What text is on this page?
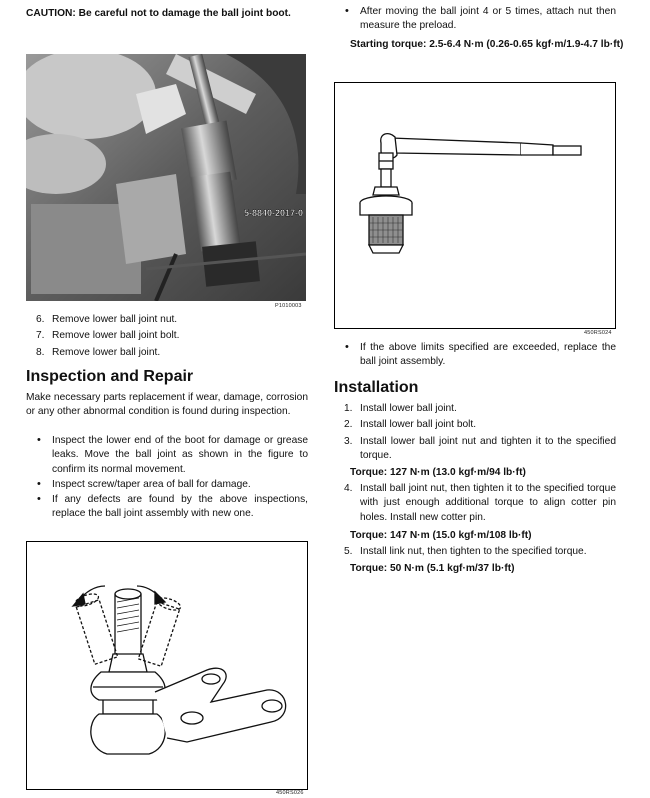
CAUTION: Be careful not to damage the ball joint boot.
5-8840-2017-0
P1010003
6. Remove lower ball joint nut.
7. Remove lower ball joint bolt.
8. Remove lower ball joint.
Inspection and Repair

Make necessary parts replacement if wear, damage, corrosion or any other abnormal condition is found during inspection.

• Inspect the lower end of the boot for damage or grease leaks. Move the ball joint as shown in the figure to confirm its normal movement.
• Inspect screw/taper area of ball for damage.
• If any defects are found by the above inspections, replace the ball joint assembly with new one.
450RS026
• After moving the ball joint 4 or 5 times, attach nut then measure the preload.
Starting torque: 2.5-6.4 N·m (0.26-0.65 kgf·m/1.9-4.7 lb·ft)
450RS024
• If the above limits specified are exceeded, replace the ball joint assembly.
Installation
1. Install lower ball joint.
2. Install lower ball joint bolt.
3. Install lower ball joint nut and tighten it to the specified torque.
Torque: 127 N·m (13.0 kgf·m/94 lb·ft)
4. Install ball joint nut, then tighten it to the specified torque with just enough additional torque to align cotter pin holes. Install new cotter pin.
Torque: 147 N·m (15.0 kgf·m/108 lb·ft)
5. Install link nut, then tighten to the specified torque.
Torque: 50 N·m (5.1 kgf·m/37 lb·ft)
